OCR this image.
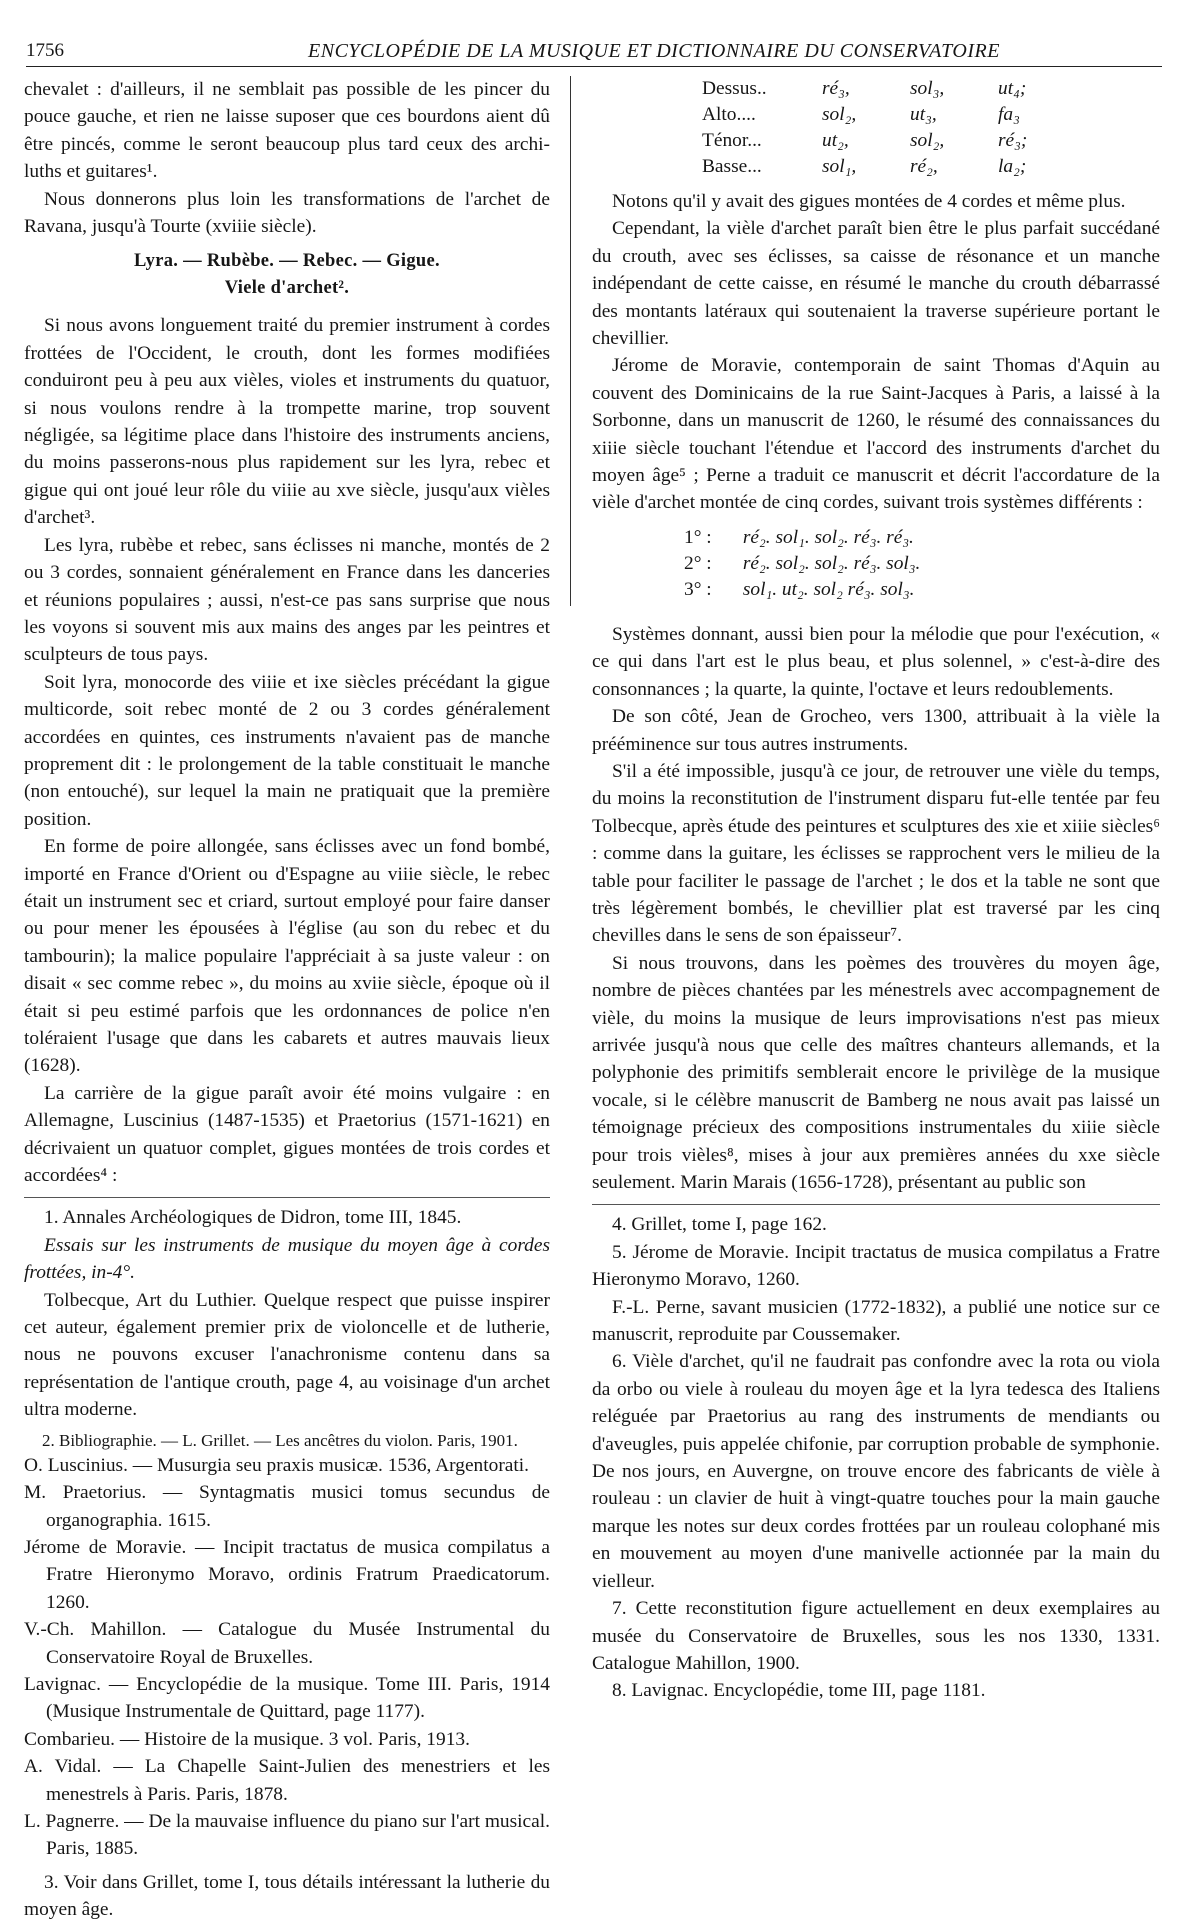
1756	ENCYCLOPÉDIE DE LA MUSIQUE ET DICTIONNAIRE DU CONSERVATOIRE

chevalet : d'ailleurs, il ne semblait pas possible de les pincer du pouce gauche, et rien ne laisse suposer que ces bourdons aient dû être pincés, comme le seront beaucoup plus tard ceux des archi-luths et guitares¹.

Nous donnerons plus loin les transformations de l'archet de Ravana, jusqu'à Tourte (xviiie siècle).

Lyra. — Rubèbe. — Rebec. — Gigue.
Viele d'archet².

Si nous avons longuement traité du premier instrument à cordes frottées de l'Occident, le crouth, dont les formes modifiées conduiront peu à peu aux vièles, violes et instruments du quatuor, si nous voulons rendre à la trompette marine, trop souvent négligée, sa légitime place dans l'histoire des instruments anciens, du moins passerons-nous plus rapidement sur les lyra, rebec et gigue qui ont joué leur rôle du viiie au xve siècle, jusqu'aux vièles d'archet³.

Les lyra, rubèbe et rebec, sans éclisses ni manche, montés de 2 ou 3 cordes, sonnaient généralement en France dans les danceries et réunions populaires ; aussi, n'est-ce pas sans surprise que nous les voyons si souvent mis aux mains des anges par les peintres et sculpteurs de tous pays.

Soit lyra, monocorde des viiie et ixe siècles précédant la gigue multicorde, soit rebec monté de 2 ou 3 cordes généralement accordées en quintes, ces instruments n'avaient pas de manche proprement dit : le prolongement de la table constituait le manche (non entouché), sur lequel la main ne pratiquait que la première position.

En forme de poire allongée, sans éclisses avec un fond bombé, importé en France d'Orient ou d'Espagne au viiie siècle, le rebec était un instrument sec et criard, surtout employé pour faire danser ou pour mener les épousées à l'église (au son du rebec et du tambourin); la malice populaire l'appréciait à sa juste valeur : on disait « sec comme rebec », du moins au xviie siècle, époque où il était si peu estimé parfois que les ordonnances de police n'en toléraient l'usage que dans les cabarets et autres mauvais lieux (1628).

La carrière de la gigue paraît avoir été moins vulgaire : en Allemagne, Luscinius (1487-1535) et Praetorius (1571-1621) en décrivaient un quatuor complet, gigues montées de trois cordes et accordées⁴ :

1. Annales Archéologiques de Didron, tome III, 1845.

Essais sur les instruments de musique du moyen âge à cordes frottées, in-4°.

Tolbecque, Art du Luthier. Quelque respect que puisse inspirer cet auteur, également premier prix de violoncelle et de lutherie, nous ne pouvons excuser l'anachronisme contenu dans sa représentation de l'antique crouth, page 4, au voisinage d'un archet ultra moderne.

2. Bibliographie. — L. Grillet. — Les ancêtres du violon. Paris, 1901.

O. Luscinius. — Musurgia seu praxis musicæ. 1536, Argentorati.

M. Praetorius. — Syntagmatis musici tomus secundus de organographia. 1615.

Jérome de Moravie. — Incipit tractatus de musica compilatus a Fratre Hieronymo Moravo, ordinis Fratrum Praedicatorum. 1260.

V.-Ch. Mahillon. — Catalogue du Musée Instrumental du Conservatoire Royal de Bruxelles.

Lavignac. — Encyclopédie de la musique. Tome III. Paris, 1914 (Musique Instrumentale de Quittard, page 1177).

Combarieu. — Histoire de la musique. 3 vol. Paris, 1913.

A. Vidal. — La Chapelle Saint-Julien des menestriers et les menestrels à Paris. Paris, 1878.

L. Pagnerre. — De la mauvaise influence du piano sur l'art musical. Paris, 1885.

3. Voir dans Grillet, tome I, tous détails intéressant la lutherie du moyen âge.

Dessus..	ré₃,	sol₃,	ut₄;
Alto....	sol₂,	ut₃,	fa₃
Ténor...	ut₂,	sol₂,	ré₃;
Basse...	sol₁,	ré₂,	la₂;

Notons qu'il y avait des gigues montées de 4 cordes et même plus.

Cependant, la vièle d'archet paraît bien être le plus parfait succédané du crouth, avec ses éclisses, sa caisse de résonance et un manche indépendant de cette caisse, en résumé le manche du crouth débarrassé des montants latéraux qui soutenaient la traverse supérieure portant le chevillier.

Jérome de Moravie, contemporain de saint Thomas d'Aquin au couvent des Dominicains de la rue Saint-Jacques à Paris, a laissé à la Sorbonne, dans un manuscrit de 1260, le résumé des connaissances du xiiie siècle touchant l'étendue et l'accord des instruments d'archet du moyen âge⁵ ; Perne a traduit ce manuscrit et décrit l'accordature de la vièle d'archet montée de cinq cordes, suivant trois systèmes différents :

1° : ré₂. sol₁. sol₂. ré₃. ré₃.
2° : ré₂. sol₂. sol₂. ré₃. sol₃.
3° : sol₁. ut₂. sol₂ ré₃. sol₃.

Systèmes donnant, aussi bien pour la mélodie que pour l'exécution, « ce qui dans l'art est le plus beau, et plus solennel, » c'est-à-dire des consonnances ; la quarte, la quinte, l'octave et leurs redoublements.

De son côté, Jean de Grocheo, vers 1300, attribuait à la vièle la prééminence sur tous autres instruments.

S'il a été impossible, jusqu'à ce jour, de retrouver une vièle du temps, du moins la reconstitution de l'instrument disparu fut-elle tentée par feu Tolbecque, après étude des peintures et sculptures des xie et xiiie siècles⁶ : comme dans la guitare, les éclisses se rapprochent vers le milieu de la table pour faciliter le passage de l'archet ; le dos et la table ne sont que très légèrement bombés, le chevillier plat est traversé par les cinq chevilles dans le sens de son épaisseur⁷.

Si nous trouvons, dans les poèmes des trouvères du moyen âge, nombre de pièces chantées par les ménestrels avec accompagnement de vièle, du moins la musique de leurs improvisations n'est pas mieux arrivée jusqu'à nous que celle des maîtres chanteurs allemands, et la polyphonie des primitifs semblerait encore le privilège de la musique vocale, si le célèbre manuscrit de Bamberg ne nous avait pas laissé un témoignage précieux des compositions instrumentales du xiiie siècle pour trois vièles⁸, mises à jour aux premières années du xxe siècle seulement. Marin Marais (1656-1728), présentant au public son

4. Grillet, tome I, page 162.

5. Jérome de Moravie. Incipit tractatus de musica compilatus a Fratre Hieronymo Moravo, 1260.

F.-L. Perne, savant musicien (1772-1832), a publié une notice sur ce manuscrit, reproduite par Coussemaker.

6. Vièle d'archet, qu'il ne faudrait pas confondre avec la rota ou viola da orbo ou viele à rouleau du moyen âge et la lyra tedesca des Italiens reléguée par Praetorius au rang des instruments de mendiants ou d'aveugles, puis appelée chifonie, par corruption probable de symphonie. De nos jours, en Auvergne, on trouve encore des fabricants de vièle à rouleau : un clavier de huit à vingt-quatre touches pour la main gauche marque les notes sur deux cordes frottées par un rouleau colophané mis en mouvement au moyen d'une manivelle actionnée par la main du vielleur.

7. Cette reconstitution figure actuellement en deux exemplaires au musée du Conservatoire de Bruxelles, sous les nos 1330, 1331. Catalogue Mahillon, 1900.

8. Lavignac. Encyclopédie, tome III, page 1181.
